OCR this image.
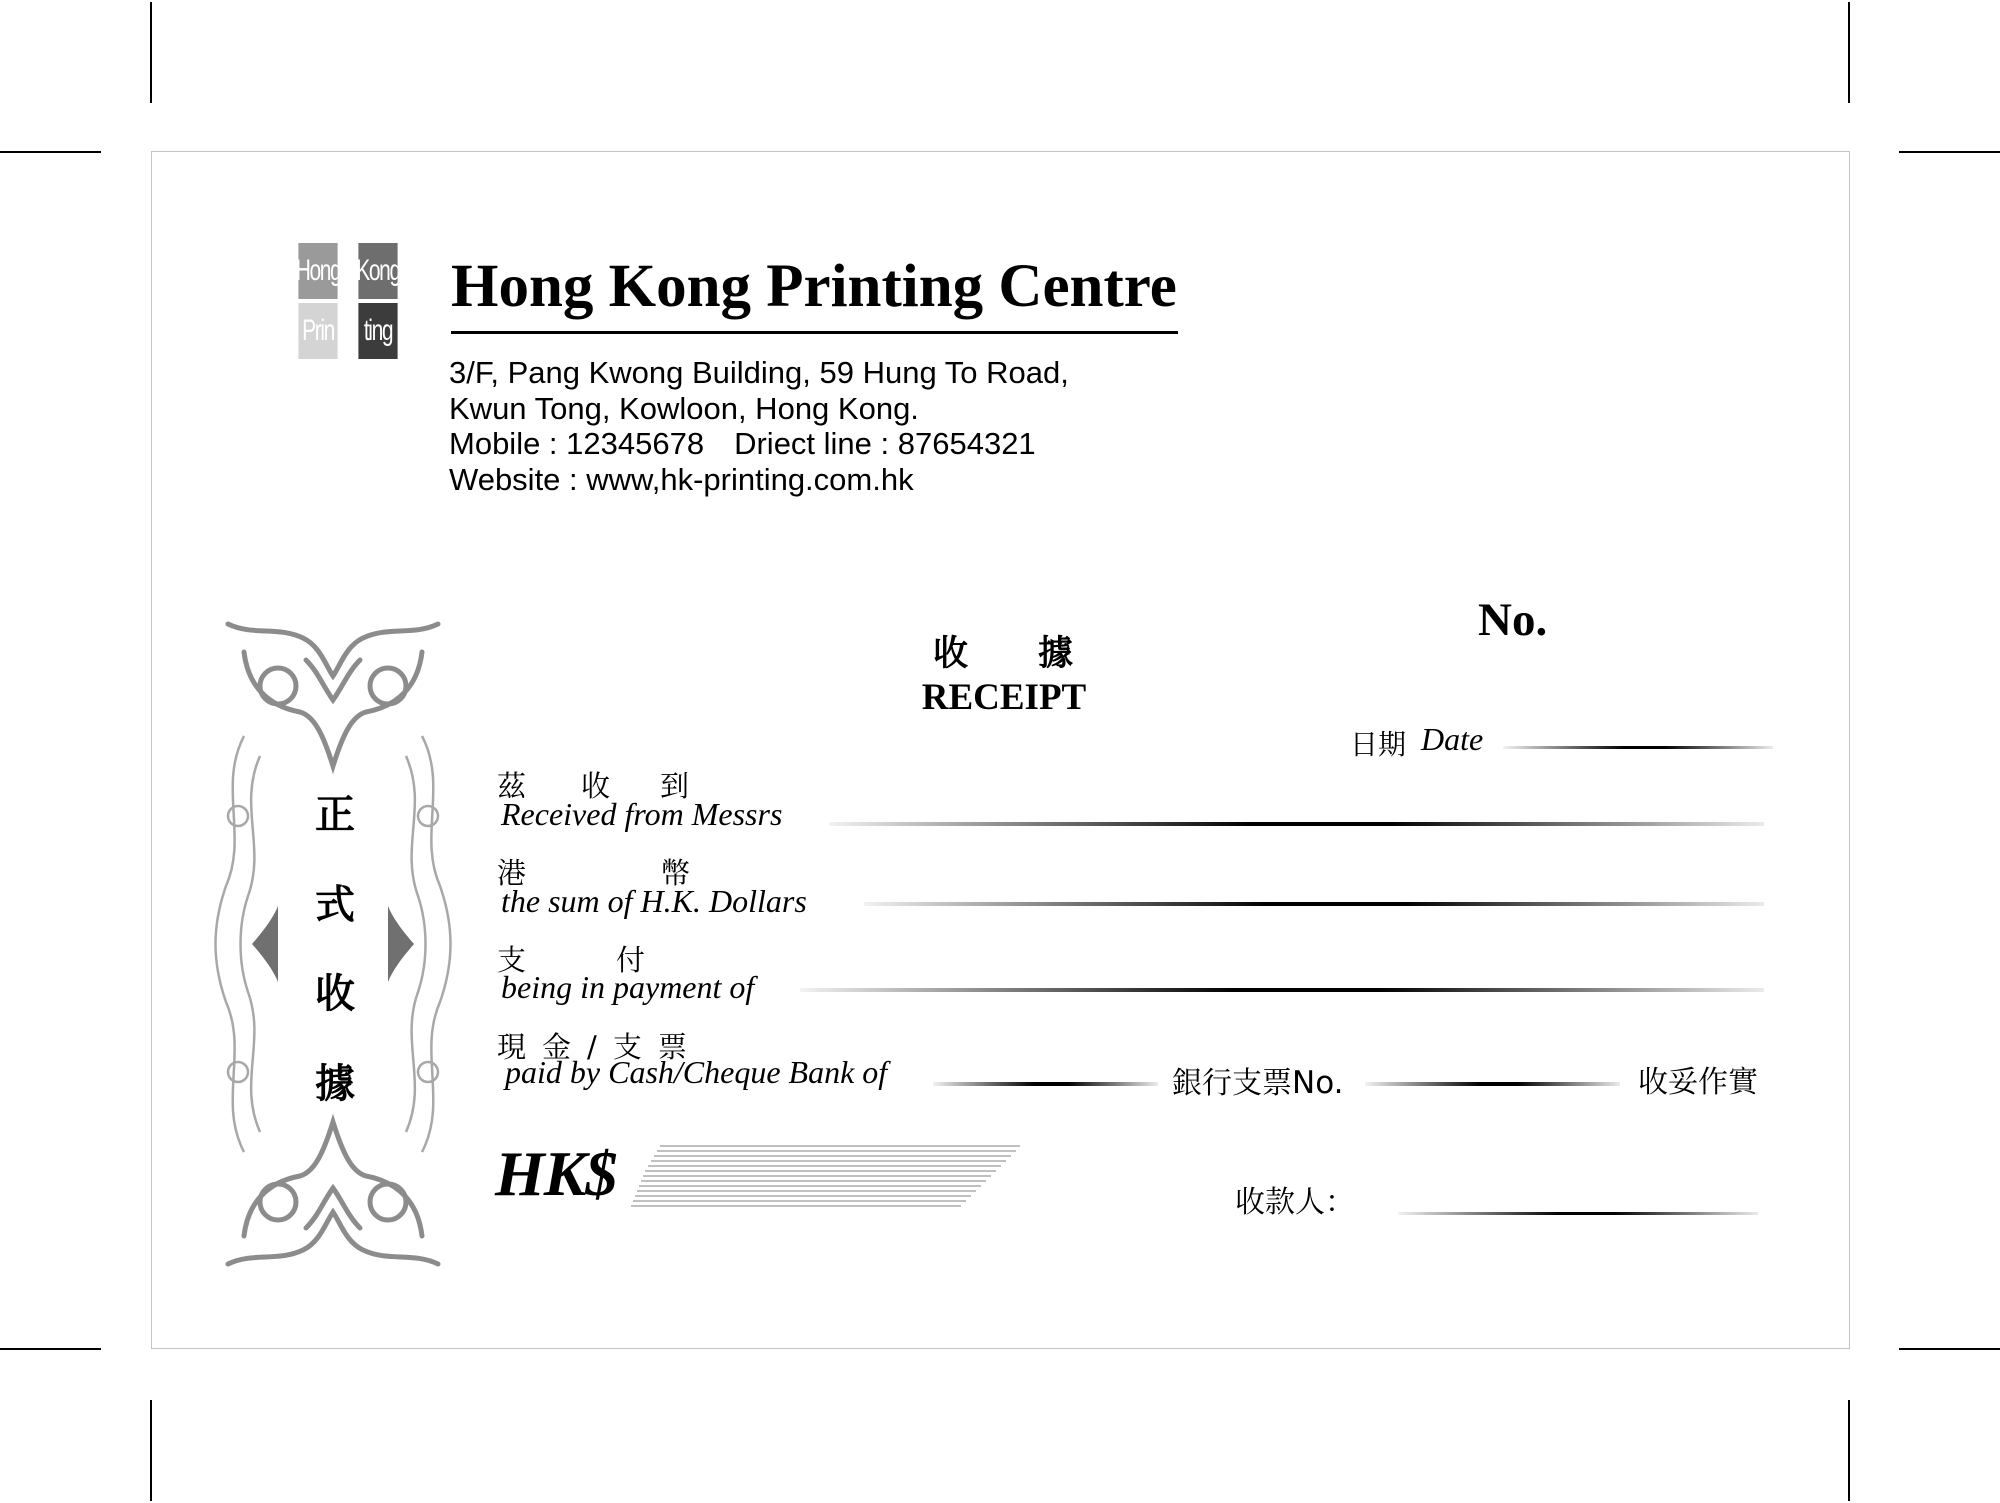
Hong Kong
Prin ting
Hong Kong Printing Centre
3/F, Pang Kwong Building, 59 Hung To Road,
Kwun Tong, Kowloon, Hong Kong.
Mobile : 12345678 Driect line : 87654321
Website : www,hk-printing.com.hk
正
式
收
據
收 據
RECEIPT
No.
日期 Date
茲 收 到
Received from Messrs
港	幣
the sum of H.K. Dollars
支	付
being in payment of
現 金 / 支 票
paid by Cash/Cheque Bank of	銀行支票No.	收妥作實
HK$	收款人：
